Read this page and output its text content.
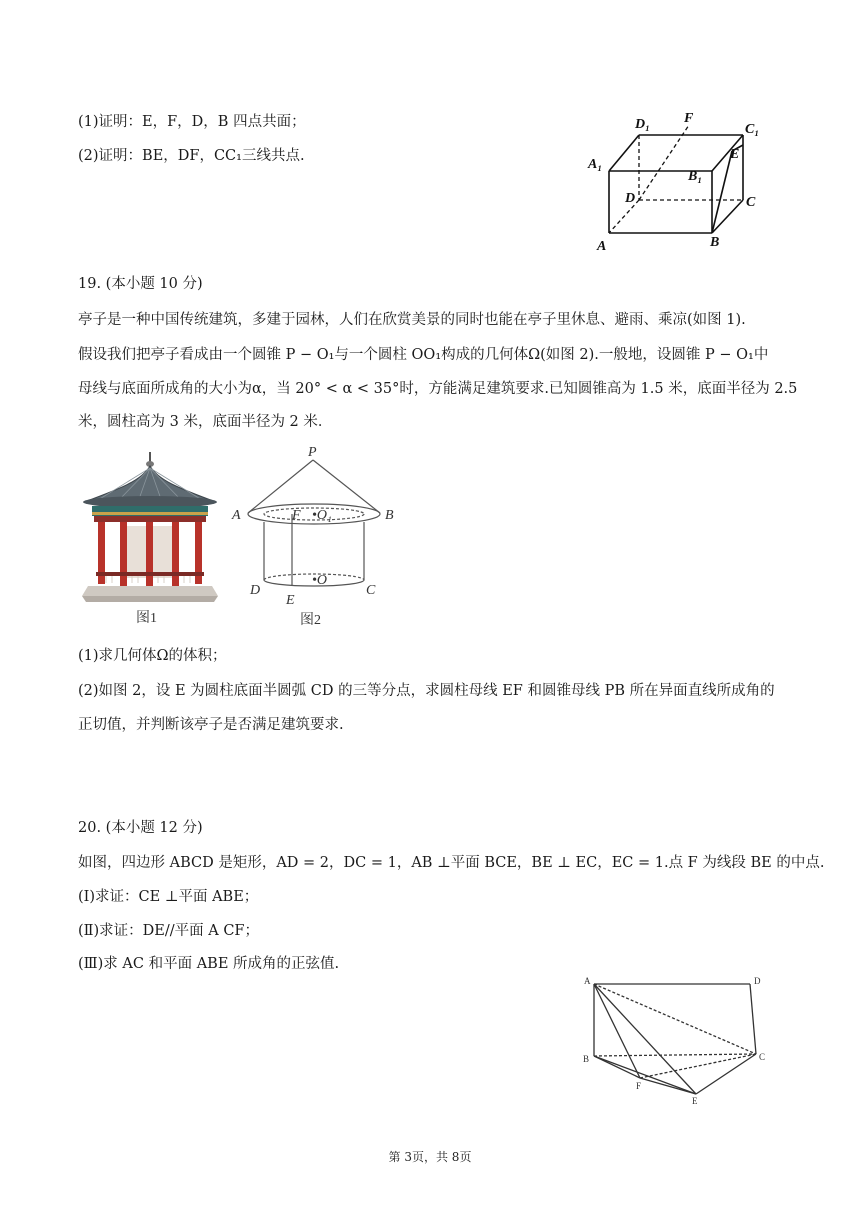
(1)证明：E，F，D，B 四点共面；
(2)证明：BE，DF，CC₁三线共点.
D₁ F
C₁
A₁
E
B₁
D	C
A	B
19. (本小题 10 分)
亭子是一种中国传统建筑，多建于园林，人们在欣赏美景的同时也能在亭子里休息、避雨、乘凉(如图 1).
假设我们把亭子看成由一个圆锥 P − O₁与一个圆柱 OO₁构成的几何体Ω(如图 2).一般地，设圆锥 P − O₁中
母线与底面所成角的大小为α，当 20° < α < 35°时，方能满足建筑要求.已知圆锥高为 1.5 米，底面半径为 2.5
米，圆柱高为 3 米，底面半径为 2 米．
图1
P
A	B
F •O₁
D
E
C
•O
图2
(1)求几何体Ω的体积；
(2)如图 2，设 E 为圆柱底面半圆弧 CD 的三等分点，求圆柱母线 EF 和圆锥母线 PB 所在异面直线所成角的
正切值，并判断该亭子是否满足建筑要求.
20. (本小题 12 分)
如图，四边形 ABCD 是矩形，AD = 2，DC = 1，AB ⊥平面 BCE，BE ⊥ EC，EC = 1.点 F 为线段 BE 的中点.
(Ⅰ)求证：CE ⊥平面 ABE；
(Ⅱ)求证：DE//平面 A CF；
(Ⅲ)求 AC 和平面 ABE 所成角的正弦值.
A	D
B	C
F
E
第 3页，共 8页
